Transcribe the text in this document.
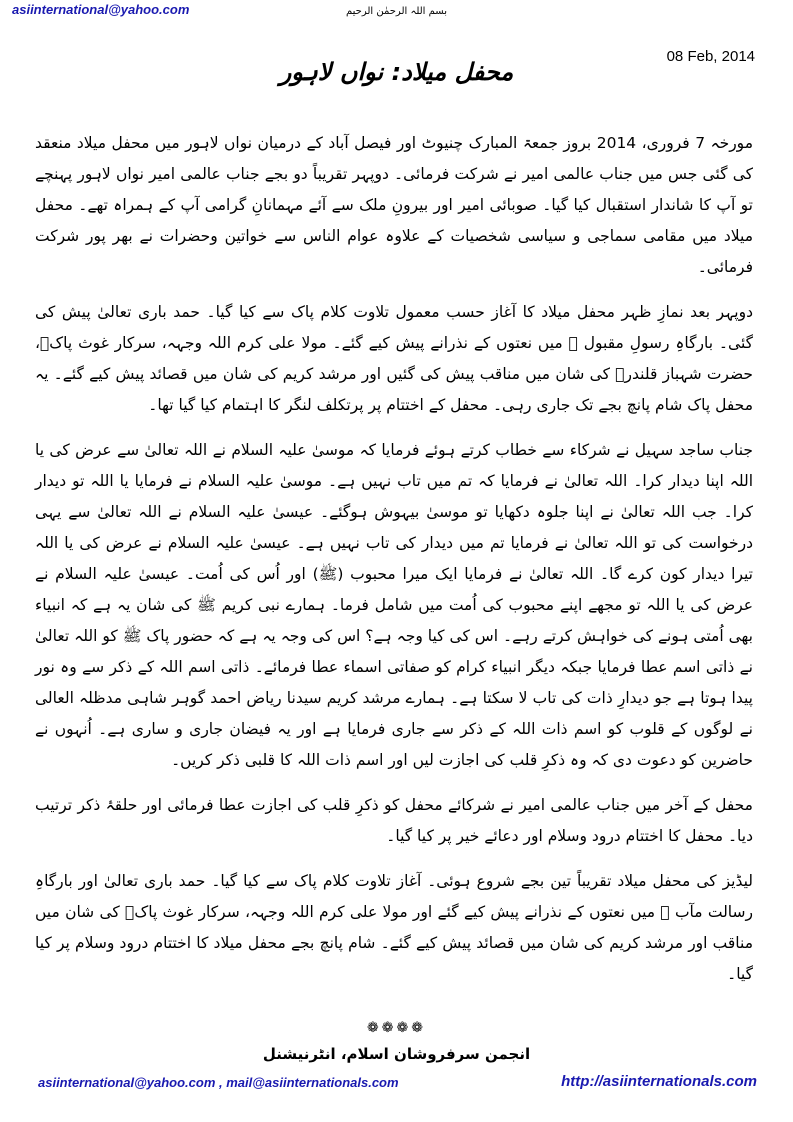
asiinternational@yahoo.com	بسم اللہ الرحمٰن الرحیم
08 Feb, 2014
محفل میلاد: نواں لاہور

مورخہ 7 فروری، 2014 بروز جمعۃ المبارک چنیوٹ اور فیصل آباد کے درمیان نواں لاہور میں محفل میلاد منعقد کی گئی جس میں جناب عالمی امیر نے شرکت فرمائی۔ دوپہر تقریباً دو بجے جناب عالمی امیر نواں لاہور پہنچے تو آپ کا شاندار استقبال کیا گیا۔ صوبائی امیر اور بیرونِ ملک سے آئے مہمانانِ گرامی آپ کے ہمراہ تھے۔ محفل میلاد میں مقامی سماجی و سیاسی شخصیات کے علاوہ عوام الناس سے خواتین وحضرات نے بھر پور شرکت فرمائی۔

دوپہر بعد نمازِ ظہر محفل میلاد کا آغاز حسب معمول تلاوت کلام پاک سے کیا گیا۔ حمد باری تعالیٰ پیش کی گئی۔ بارگاہِ رسولِ مقبول ﷺ میں نعتوں کے نذرانے پیش کیے گئے۔ مولا علی کرم اللہ وجہہ، سرکار غوث پاکؒ، حضرت شہباز قلندرؒ کی شان میں مناقب پیش کی گئیں اور مرشد کریم کی شان میں قصائد پیش کیے گئے۔ یہ محفل پاک شام پانچ بجے تک جاری رہی۔ محفل کے اختتام پر پرتکلف لنگر کا اہتمام کیا گیا تھا۔

جناب ساجد سہیل نے شرکاء سے خطاب کرتے ہوئے فرمایا کہ موسیٰ علیہ السلام نے اللہ تعالیٰ سے عرض کی یا اللہ اپنا دیدار کرا۔ اللہ تعالیٰ نے فرمایا کہ تم میں تاب نہیں ہے۔ موسیٰ علیہ السلام نے فرمایا یا اللہ تو دیدار کرا۔ جب اللہ تعالیٰ نے اپنا جلوہ دکھایا تو موسیٰ بیہوش ہوگئے۔ عیسیٰ علیہ السلام نے اللہ تعالیٰ سے یہی درخواست کی تو اللہ تعالیٰ نے فرمایا تم میں دیدار کی تاب نہیں ہے۔ عیسیٰ علیہ السلام نے عرض کی یا اللہ تیرا دیدار کون کرے گا۔ اللہ تعالیٰ نے فرمایا ایک میرا محبوب (ﷺ) اور اُس کی اُمت۔ عیسیٰ علیہ السلام نے عرض کی یا اللہ تو مجھے اپنے محبوب کی اُمت میں شامل فرما۔ ہمارے نبی کریم ﷺ کی شان یہ ہے کہ انبیاء بھی اُمتی ہونے کی خواہش کرتے رہے۔ اس کی کیا وجہ ہے؟ اس کی وجہ یہ ہے کہ حضور پاک ﷺ کو اللہ تعالیٰ نے ذاتی اسم عطا فرمایا جبکہ دیگر انبیاء کرام کو صفاتی اسماء عطا فرمائے۔ ذاتی اسم اللہ کے ذکر سے وہ نور پیدا ہوتا ہے جو دیدارِ ذات کی تاب لا سکتا ہے۔ ہمارے مرشد کریم سیدنا ریاض احمد گوہر شاہی مدظلہ العالی نے لوگوں کے قلوب کو اسم ذات اللہ کے ذکر سے جاری فرمایا ہے اور یہ فیضان جاری و ساری ہے۔ اُنہوں نے حاضرین کو دعوت دی کہ وہ ذکرِ قلب کی اجازت لیں اور اسم ذات اللہ کا قلبی ذکر کریں۔

محفل کے آخر میں جناب عالمی امیر نے شرکائے محفل کو ذکرِ قلب کی اجازت عطا فرمائی اور حلقۂ ذکر ترتیب دیا۔ محفل کا اختتام درود وسلام اور دعائے خیر پر کیا گیا۔

لیڈیز کی محفل میلاد تقریباً تین بجے شروع ہوئی۔ آغاز تلاوت کلام پاک سے کیا گیا۔ حمد باری تعالیٰ اور بارگاہِ رسالت مآب ﷺ میں نعتوں کے نذرانے پیش کیے گئے اور مولا علی کرم اللہ وجہہ، سرکار غوث پاکؒ کی شان میں مناقب اور مرشد کریم کی شان میں قصائد پیش کیے گئے۔ شام پانچ بجے محفل میلاد کا اختتام درود وسلام پر کیا گیا۔

❁❁❁❁
انجمن سرفروشان اسلام، انٹرنیشنل
asiinternational@yahoo.com , mail@asiinternationals.com	http://asiinternationals.com
